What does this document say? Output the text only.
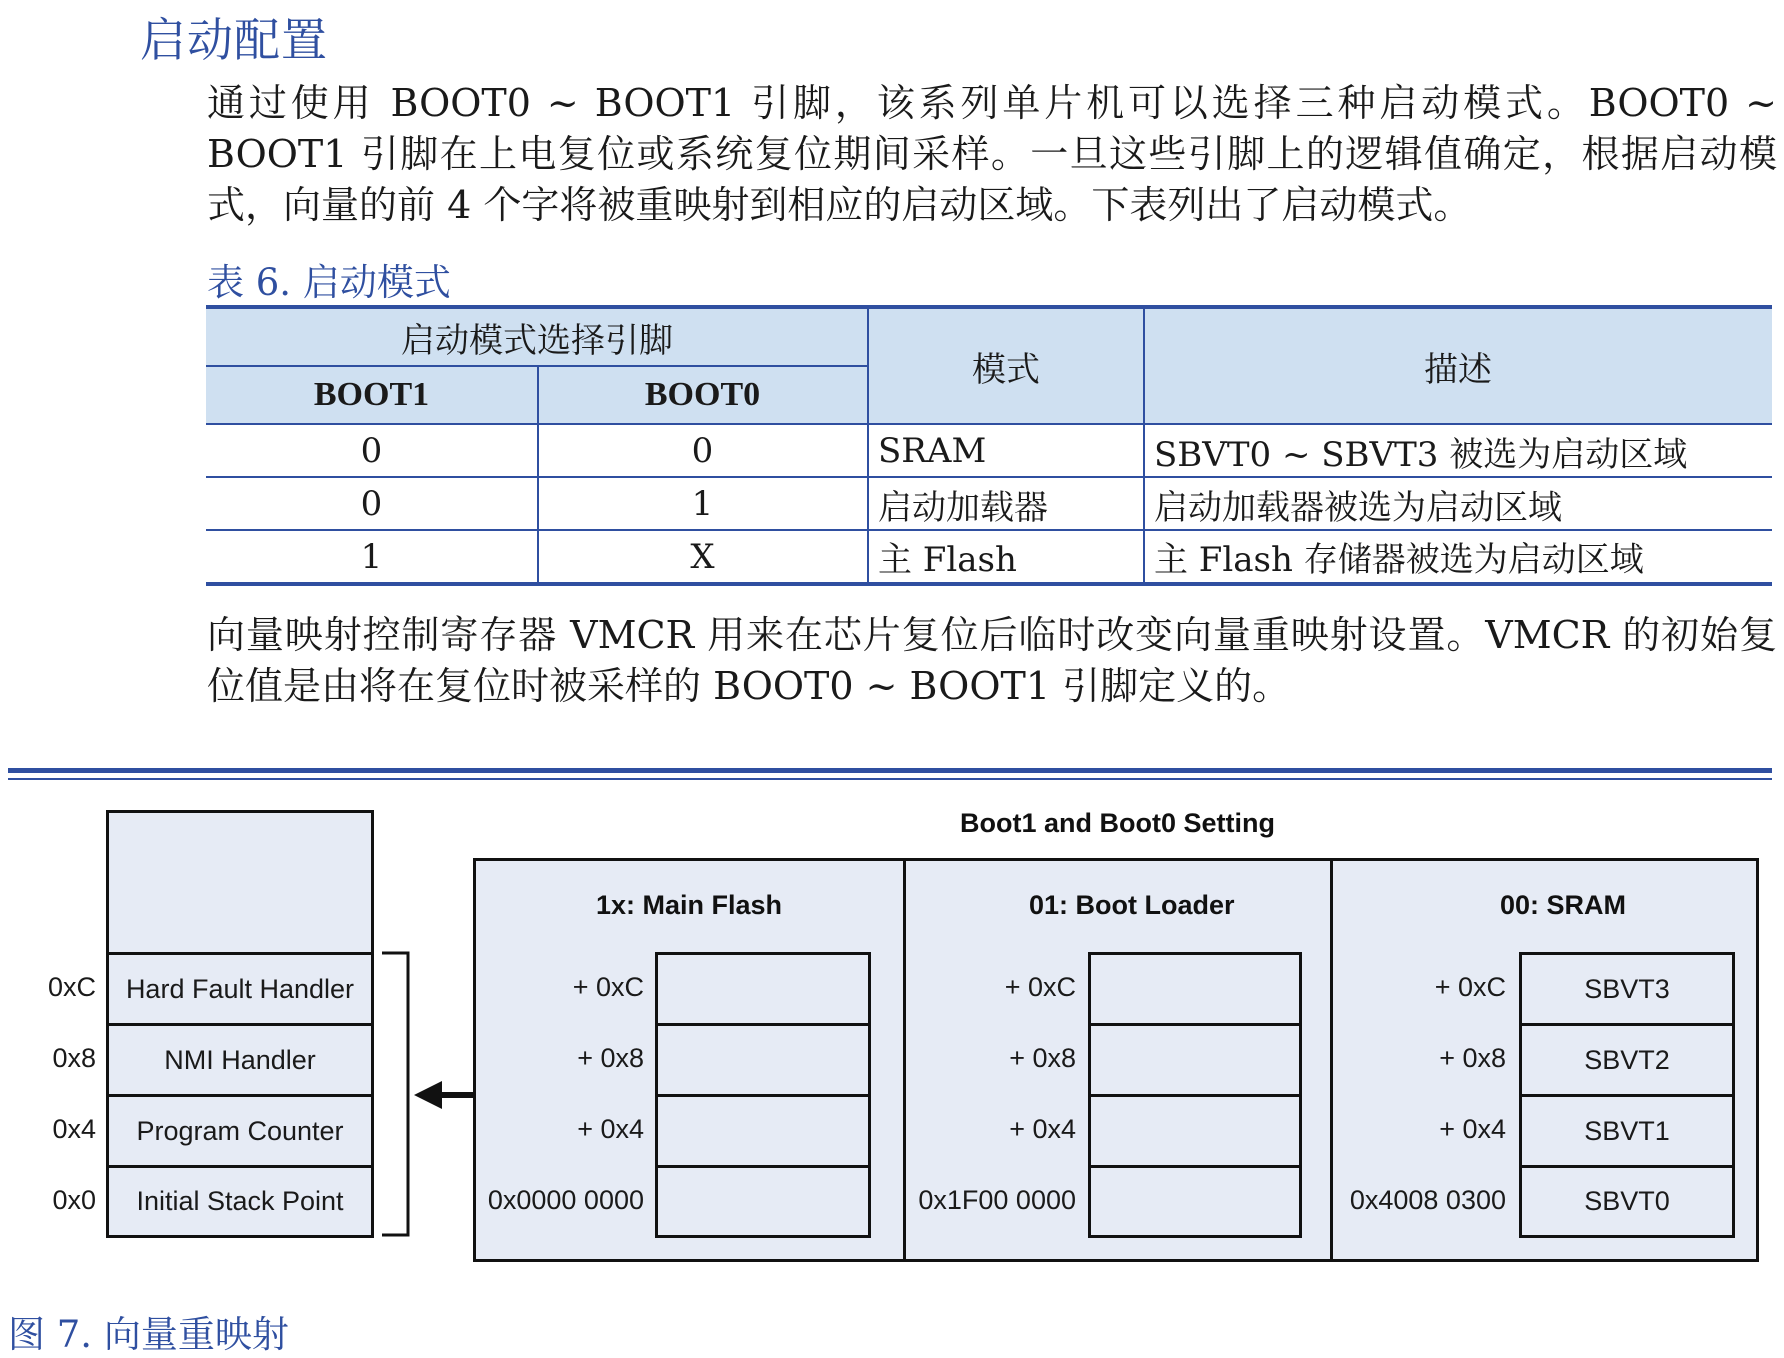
启动配置
通过使用 BOOT0 ~ BOOT1 引脚，该系列单片机可以选择三种启动模式。BOOT0 ~ BOOT1 引脚在上电复位或系统复位期间采样。一旦这些引脚上的逻辑值确定，根据启动模式，向量的前 4 个字将被重映射到相应的启动区域。下表列出了启动模式。
表 6. 启动模式
启动模式选择引脚
BOOT1	BOOT0
模式	描述
0	0	SRAM	SBVT0 ~ SBVT3 被选为启动区域
0	1	启动加载器	启动加载器被选为启动区域
1	X	主 Flash	主 Flash 存储器被选为启动区域
向量映射控制寄存器 VMCR 用来在芯片复位后临时改变向量重映射设置。VMCR 的初始复位值是由将在复位时被采样的 BOOT0 ~ BOOT1 引脚定义的。
Hard Fault Handler
NMI Handler
Program Counter
Initial Stack Point
0xC
0x8
0x4
0x0
Boot1 and Boot0 Setting
1x: Main Flash
+ 0xC
+ 0x8
+ 0x4
0x0000 0000
01: Boot Loader
+ 0xC
+ 0x8
+ 0x4
0x1F00 0000
00: SRAM
+ 0xC
+ 0x8
+ 0x4
0x4008 0300
SBVT3
SBVT2
SBVT1
SBVT0
图 7. 向量重映射
